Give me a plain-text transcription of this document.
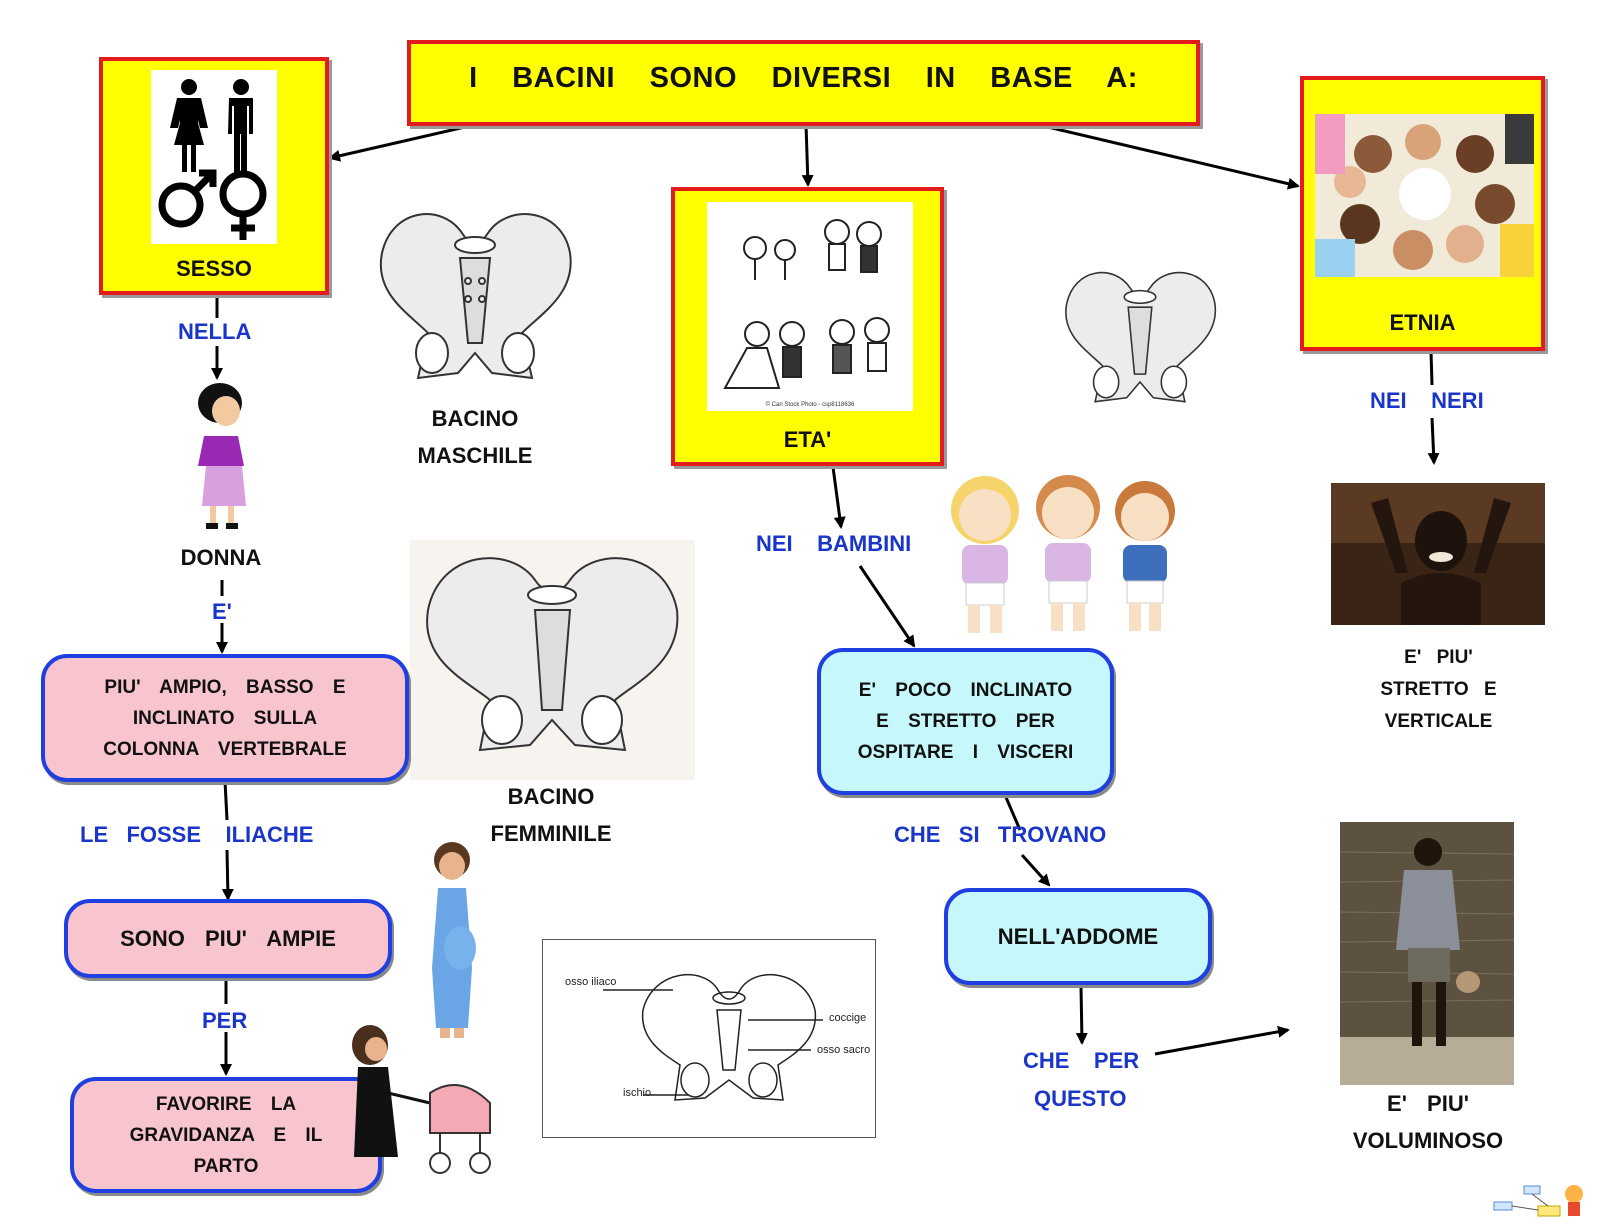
I BACINI SONO DIVERSI IN BASE A:
SESSO
© Can Stock Photo - csp8118636
ETA'
ETNIA
BACINO
MASCHILE
BACINO
FEMMINILE
DONNA
NELLA
E'
LE   FOSSE    ILIACHE
PER
NEI    BAMBINI
CHE   SI   TROVANO
CHE    PER
QUESTO
NEI    NERI
PIU' AMPIO, BASSO E
INCLINATO SULLA
COLONNA VERTEBRALE
SONO PIU' AMPIE
FAVORIRE LA
GRAVIDANZA E IL
PARTO
E' POCO INCLINATO
E STRETTO PER
OSPITARE I VISCERI
NELL'ADDOME
osso iliaco
coccige
osso sacro
ischio
E' PIU'
STRETTO E
VERTICALE
E' PIU'
VOLUMINOSO
